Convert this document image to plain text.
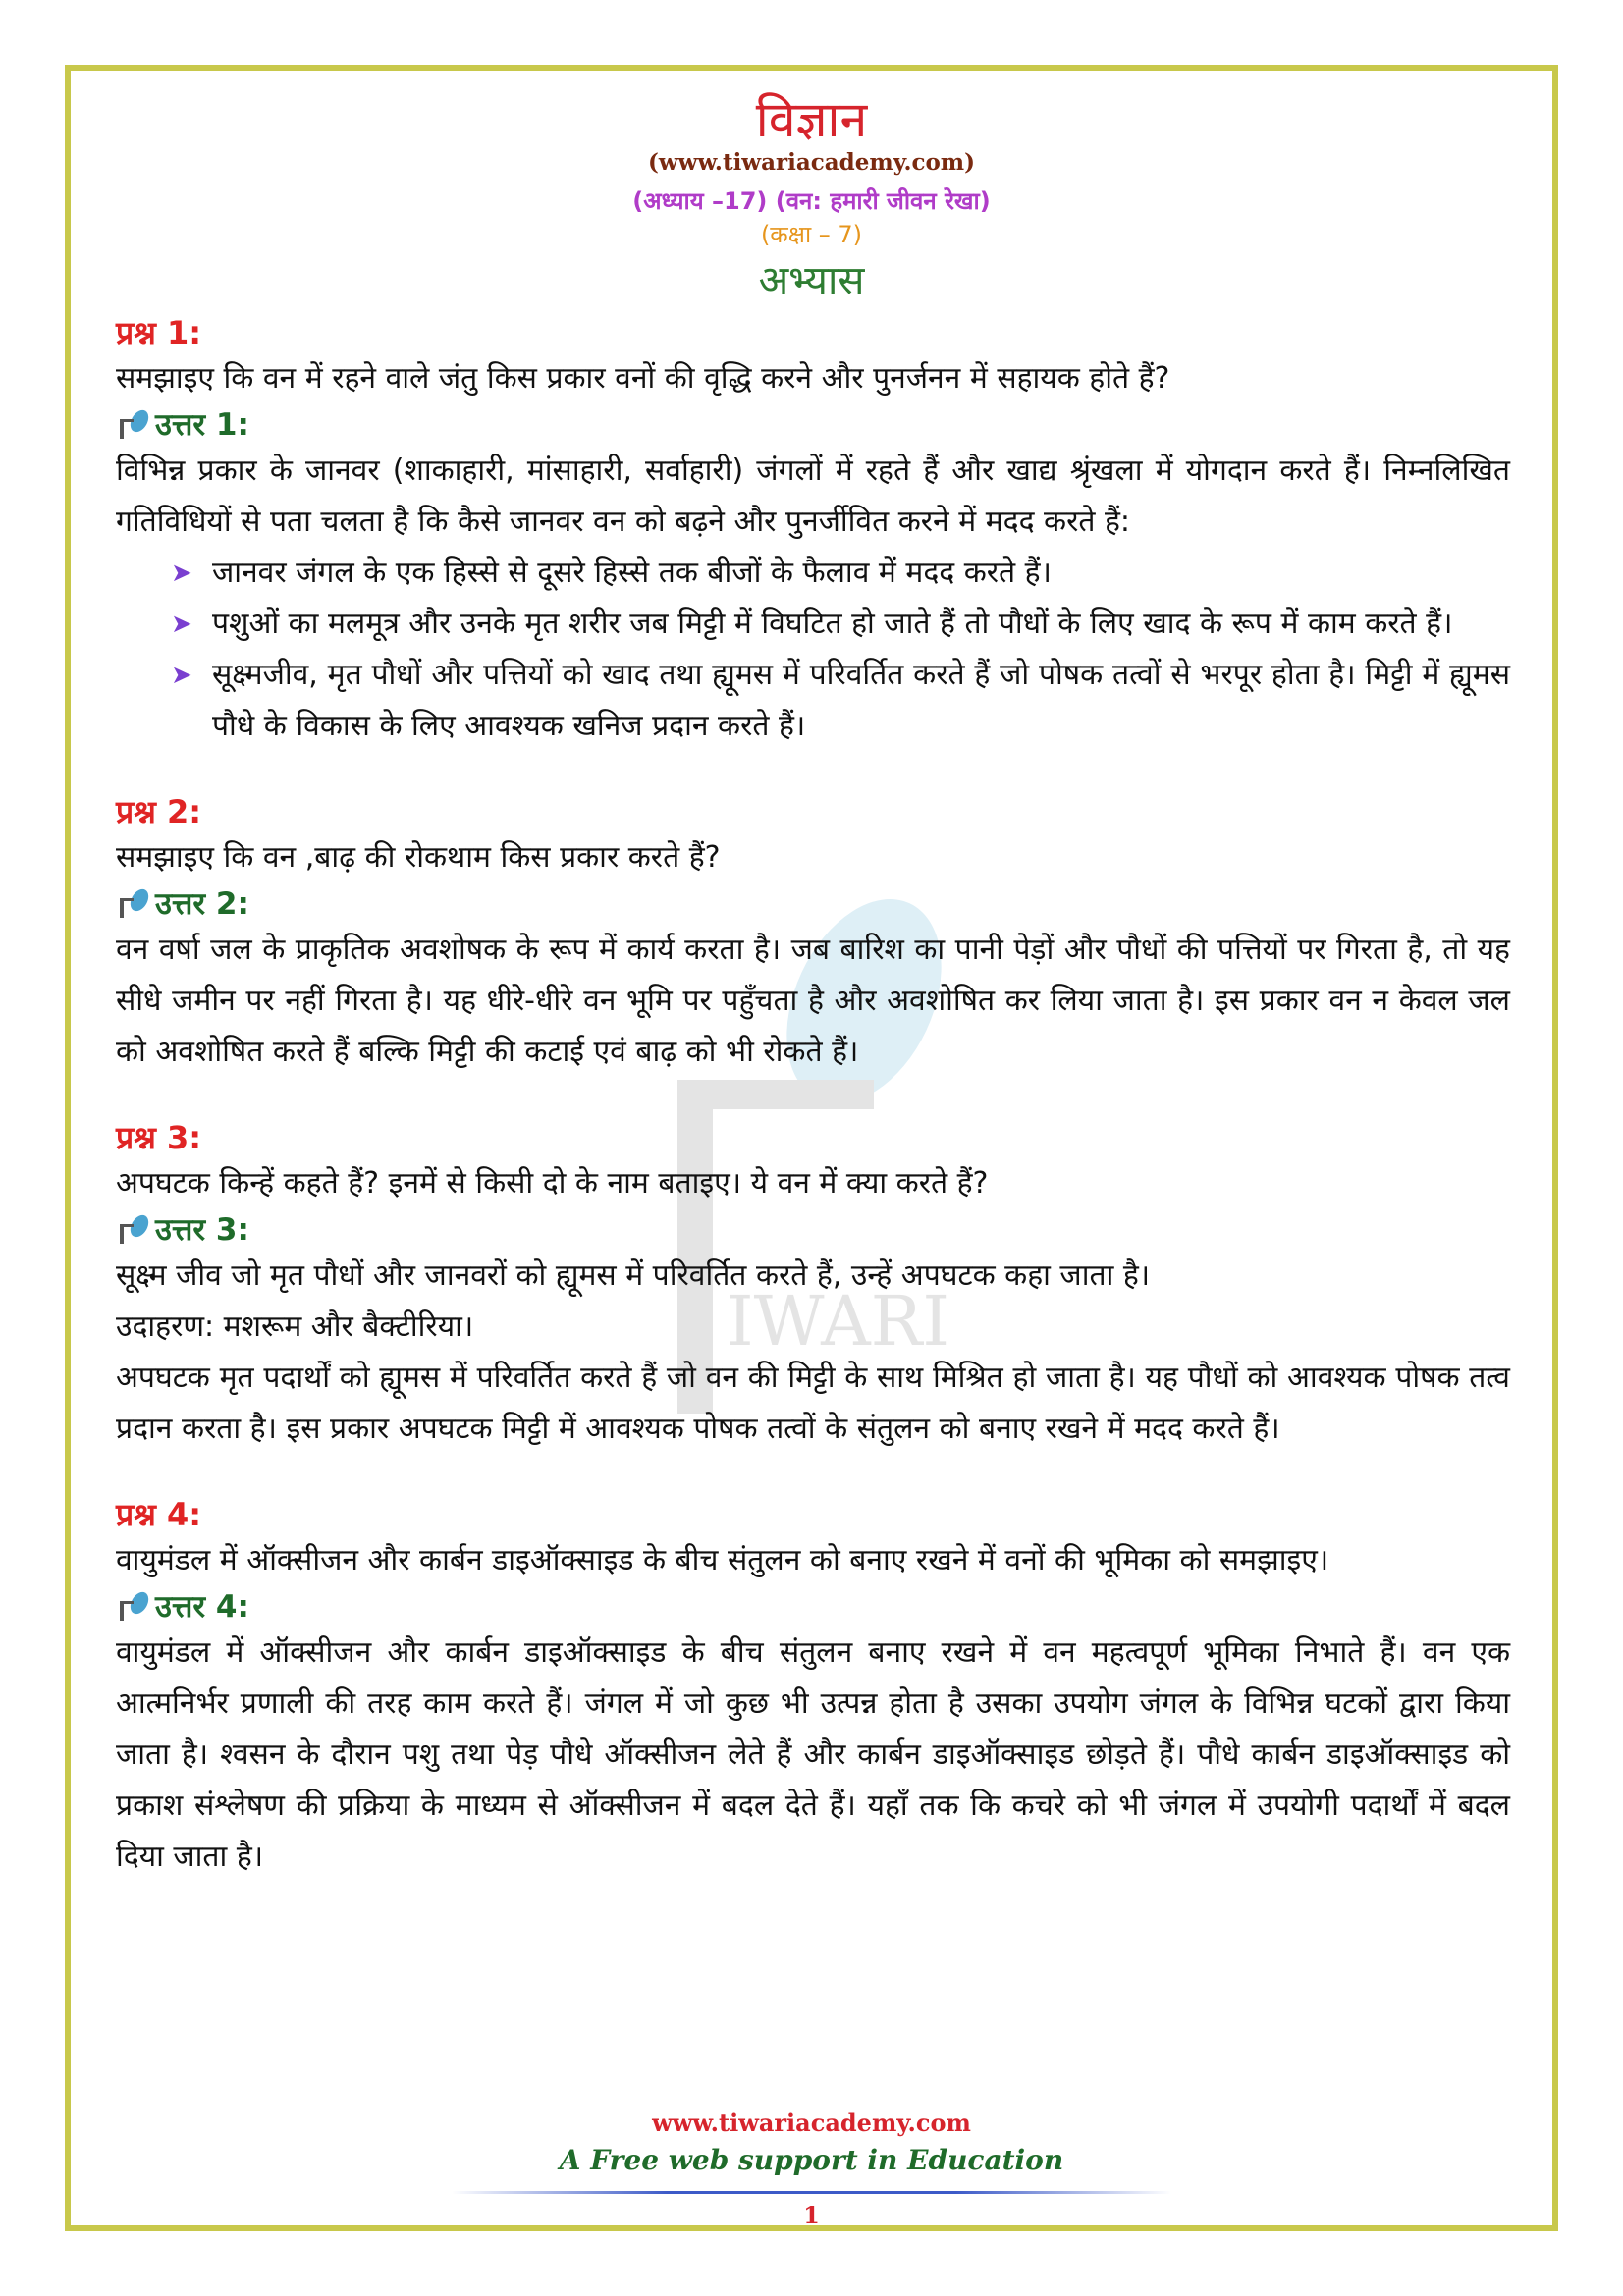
IWARI
विज्ञान
(www.tiwariacademy.com)
(अध्याय –17) (वन: हमारी जीवन रेखा)
(कक्षा – 7)
अभ्यास
प्रश्न 1:

समझाइए कि वन में रहने वाले जंतु किस प्रकार वनों की वृद्धि करने और पुनर्जनन में सहायक होते हैं?

उत्तर 1:

विभिन्न प्रकार के जानवर (शाकाहारी, मांसाहारी, सर्वाहारी) जंगलों में रहते हैं और खाद्य श्रृंखला में योगदान करते हैं। निम्नलिखित गतिविधियों से पता चलता है कि कैसे जानवर वन को बढ़ने और पुनर्जीवित करने में मदद करते हैं:

➤ जानवर जंगल के एक हिस्से से दूसरे हिस्से तक बीजों के फैलाव में मदद करते हैं।
➤ पशुओं का मलमूत्र और उनके मृत शरीर जब मिट्टी में विघटित हो जाते हैं तो पौधों के लिए खाद के रूप में काम करते हैं।
➤ सूक्ष्मजीव, मृत पौधों और पत्तियों को खाद तथा ह्यूमस में परिवर्तित करते हैं जो पोषक तत्वों से भरपूर होता है। मिट्टी में ह्यूमस पौधे के विकास के लिए आवश्यक खनिज प्रदान करते हैं।
प्रश्न 2:

समझाइए कि वन ,बाढ़ की रोकथाम किस प्रकार करते हैं?

उत्तर 2:

वन वर्षा जल के प्राकृतिक अवशोषक के रूप में कार्य करता है। जब बारिश का पानी पेड़ों और पौधों की पत्तियों पर गिरता है, तो यह सीधे जमीन पर नहीं गिरता है। यह धीरे-धीरे वन भूमि पर पहुँचता है और अवशोषित कर लिया जाता है। इस प्रकार वन न केवल जल को अवशोषित करते हैं बल्कि मिट्टी की कटाई एवं बाढ़ को भी रोकते हैं।

प्रश्न 3:

अपघटक किन्हें कहते हैं? इनमें से किसी दो के नाम बताइए। ये वन में क्या करते हैं?

उत्तर 3:

सूक्ष्म जीव जो मृत पौधों और जानवरों को ह्यूमस में परिवर्तित करते हैं, उन्हें अपघटक कहा जाता है।

उदाहरण: मशरूम और बैक्टीरिया।

अपघटक मृत पदार्थों को ह्यूमस में परिवर्तित करते हैं जो वन की मिट्टी के साथ मिश्रित हो जाता है। यह पौधों को आवश्यक पोषक तत्व प्रदान करता है। इस प्रकार अपघटक मिट्टी में आवश्यक पोषक तत्वों के संतुलन को बनाए रखने में मदद करते हैं।

प्रश्न 4:

वायुमंडल में ऑक्सीजन और कार्बन डाइऑक्साइड के बीच संतुलन को बनाए रखने में वनों की भूमिका को समझाइए।

उत्तर 4:

वायुमंडल में ऑक्सीजन और कार्बन डाइऑक्साइड के बीच संतुलन बनाए रखने में वन महत्वपूर्ण भूमिका निभाते हैं। वन एक आत्मनिर्भर प्रणाली की तरह काम करते हैं। जंगल में जो कुछ भी उत्पन्न होता है उसका उपयोग जंगल के विभिन्न घटकों द्वारा किया जाता है। श्वसन के दौरान पशु तथा पेड़ पौधे ऑक्सीजन लेते हैं और कार्बन डाइऑक्साइड छोड़ते हैं। पौधे कार्बन डाइऑक्साइड को प्रकाश संश्लेषण की प्रक्रिया के माध्यम से ऑक्सीजन में बदल देते हैं। यहाँ तक कि कचरे को भी जंगल में उपयोगी पदार्थों में बदल दिया जाता है।

www.tiwariacademy.com
A Free web support in Education
1
